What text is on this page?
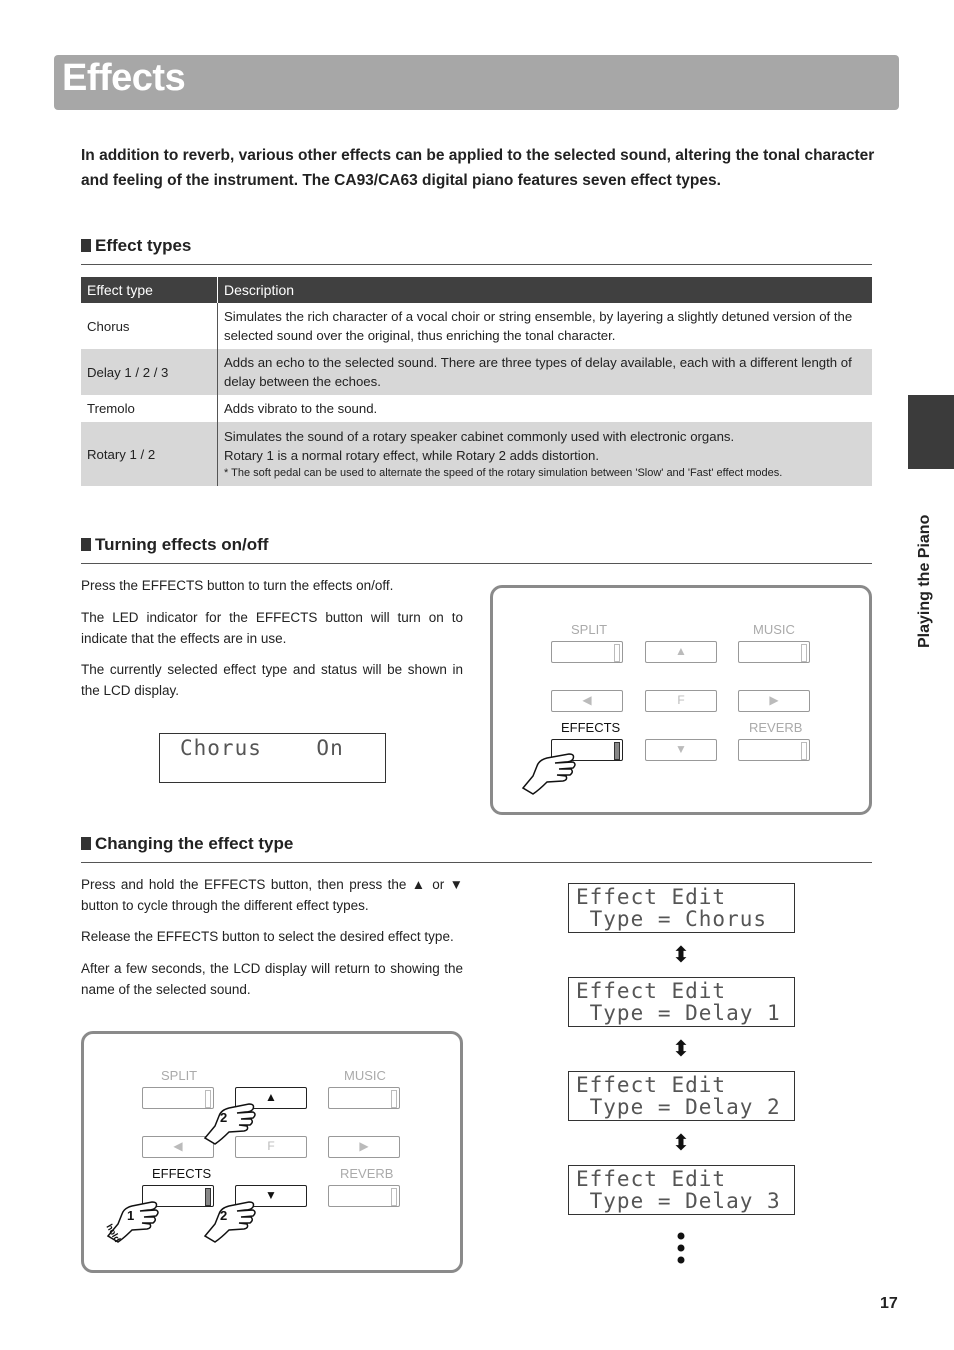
Effects
In addition to reverb, various other effects can be applied to the selected sound, altering the tonal character and feeling of the instrument. The CA93/CA63 digital piano features seven effect types.
Playing the Piano
Effect types
Effect type	Description
Chorus	Simulates the rich character of a vocal choir or string ensemble, by layering a slightly detuned version of the selected sound over the original, thus enriching the tonal character.
Delay 1 / 2 / 3	Adds an echo to the selected sound. There are three types of delay available, each with a different length of delay between the echoes.
Tremolo	Adds vibrato to the sound.
Rotary 1 / 2	Simulates the sound of a rotary speaker cabinet commonly used with electronic organs.
Rotary 1 is a normal rotary effect, while Rotary 2 adds distortion.
* The soft pedal can be used to alternate the speed of the rotary simulation between 'Slow' and 'Fast' effect modes.
Turning effects on/off
Press the EFFECTS button to turn the effects on/off.
The LED indicator for the EFFECTS button will turn on to indicate that the effects are in use.
The currently selected effect type and status will be shown in the LCD display.
Chorus    On
SPLIT	MUSIC
▲
◀	F	▶
EFFECTS	REVERB
▼
Changing the effect type
Press and hold the EFFECTS button, then press the ▲ or ▼ button to cycle through the different effect types.
Release the EFFECTS button to select the desired effect type.
After a few seconds, the LCD display will return to showing the name of the selected sound.
Effect Edit
Type = Chorus
⬍
Effect Edit
Type = Delay 1
⬍
Effect Edit
Type = Delay 2
⬍
Effect Edit
Type = Delay 3
SPLIT	MUSIC
▲
◀	F	▶
EFFECTS	REVERB
▼
2
1
hold
2
17
